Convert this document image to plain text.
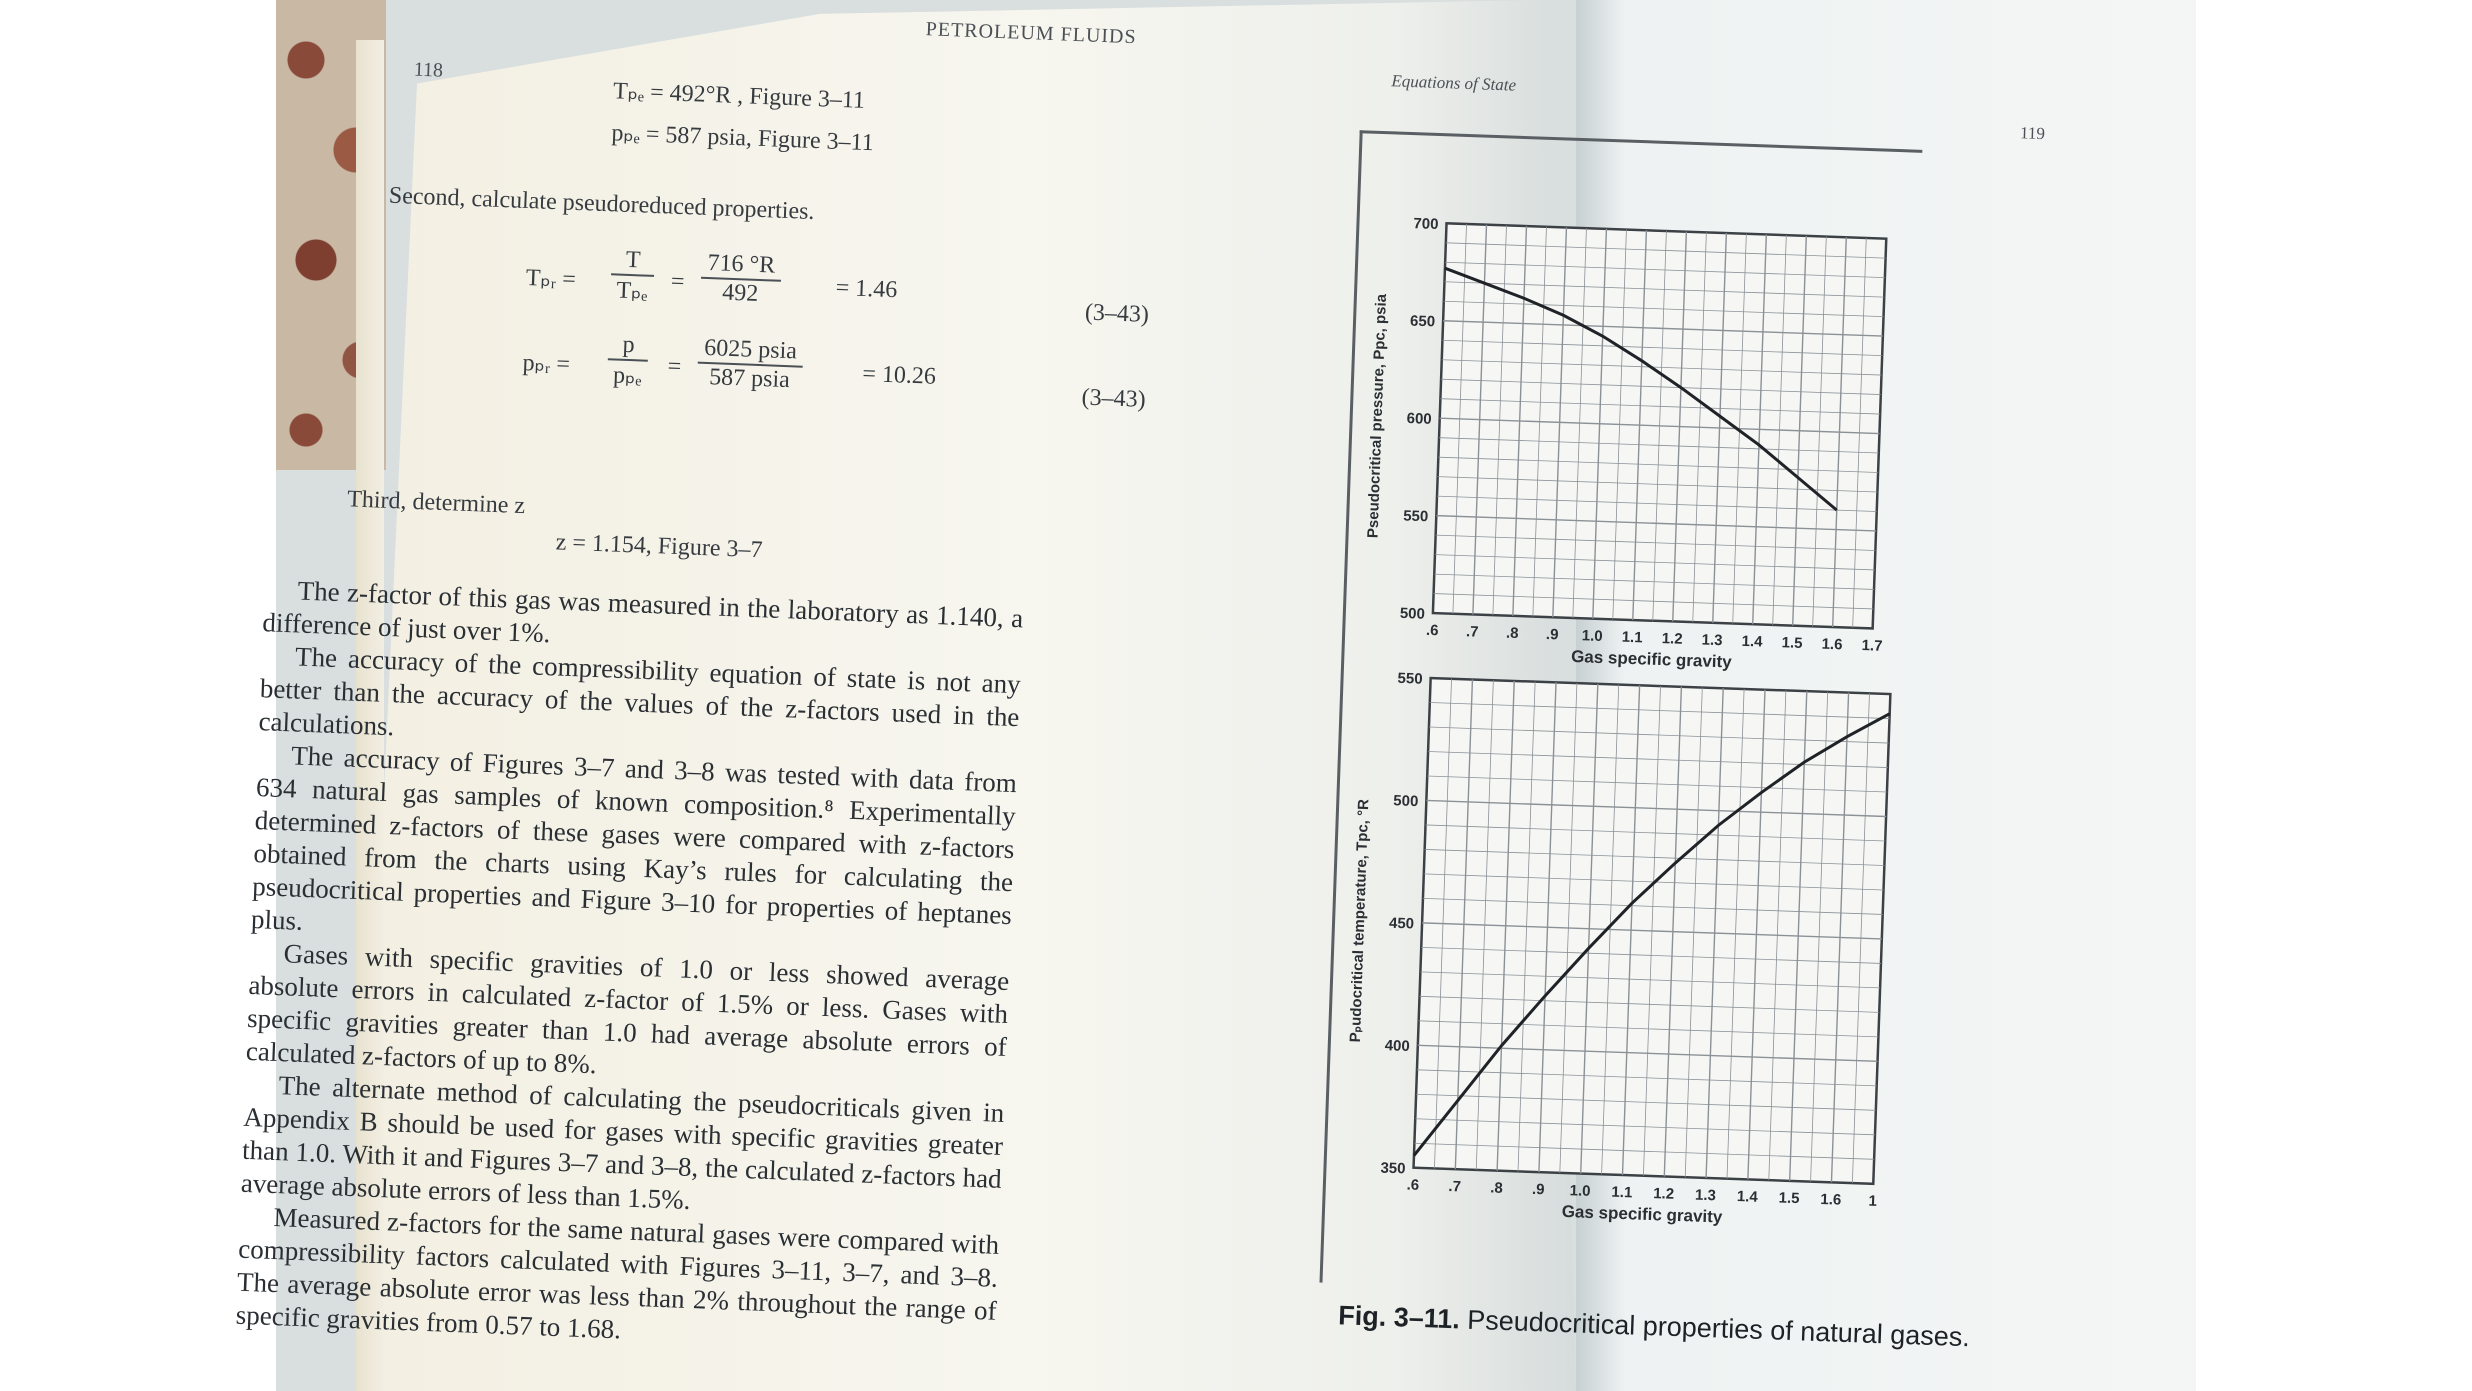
118
PETROLEUM FLUIDS
Tₚₑ = 492°R , Figure 3–11
pₚₑ = 587 psia, Figure 3–11
Second, calculate pseudoreduced properties.
Tₚᵣ =
T
$T_{pe} = \frac{716 ^\circ R}{492} = 1.46$
(3–43)
pₚᵣ =
p
pₚₑ =
6025 psia
587 psia	= 10.26
(3–43)
Third, determine z
z = 1.154, Figure 3–7

The z-factor of this gas was measured in the laboratory as 1.140, a difference of just over 1%.

The accuracy of the compressibility equation of state is not any better than the accuracy of the values of the z-factors used in the calculations.

The accuracy of Figures 3–7 and 3–8 was tested with data from 634 natural gas samples of known composition.⁸ Experimentally determined z-factors of these gases were compared with z-factors obtained from the charts using Kay’s rules for calculating the pseudocritical properties and Figure 3–10 for properties of heptanes plus.

Gases with specific gravities of 1.0 or less showed average absolute errors in calculated z-factor of 1.5% or less. Gases with specific gravities greater than 1.0 had average absolute errors of calculated z-factors of up to 8%.

The alternate method of calculating the pseudocriticals given in Appendix B should be used for gases with specific gravities greater than 1.0. With it and Figures 3–7 and 3–8, the calculated z-factors had average absolute errors of less than 1.5%.

Measured z-factors for the same natural gases were compared with compressibility factors calculated with Figures 3–11, 3–7, and 3–8. The average absolute error was less than 2% throughout the range of specific gravities from 0.57 to 1.68.

Equations of State
119
500
550
600
650
700
.6 .7 .8 .9 1.0 1.1 1.2 1.3 1.4 1.5 1.6 1.7
Gas specific gravity
Pseudocritical pressure, Ppc, psia
350
400
450
500
550
.6 .7 .8 .9 1.0 1.1 1.2 1.3 1.4 1.5 1.6 1
Gas specific gravity
Pₚudocritical temperature, Tpc, °R
Fig. 3–11. Pseudocritical properties of natural gases.
